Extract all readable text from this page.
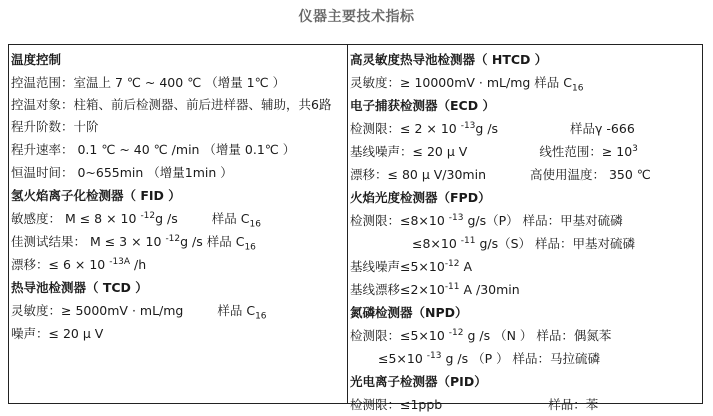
仪器主要技术指标
温度控制
控温范围：室温上 7 ℃ ~ 400 ℃ （增量 1℃ ）
控温对象：柱箱、前后检测器、前后进样器、辅助，共6路
程升阶数：十阶
程升速率： 0.1 ℃ ~ 40 ℃ /min （增量 0.1℃ ）
恒温时间： 0~655min （增量1min ）
氢火焰离子化检测器（ FID ）
敏感度： M ≤ 8 × 10 $^{-12}$g /s	样品 $C_{16}$
佳测试结果： M ≤ 3 × 10 $^{-12}$g /s 样品 $C_{16}$
漂移：≤ 6 × 10 $^{-13A}$ /h
热导池检测器（ TCD ）
灵敏度：≥ 5000mV · mL/mg	样品 $C_{16}$
噪声：≤ 20 μ V
高灵敏度热导池检测器（ HTCD ）
灵敏度：≥ 10000mV · mL/mg 样品 $C_{16}$
电子捕获检测器（ECD ）
检测限：≤ 2 × 10 $^{-13}$g /s	样品γ -666
基线噪声：≤ 20 μ V	线性范围：≥ $10^3$
漂移：≤ 80 μ V/30min	高使用温度： 350 ℃
火焰光度检测器（FPD）
检测限：≤8×10 $^{-13}$ g/s（P） 样品：甲基对硫磷
≤8×10 $^{-11}$ g/s（S） 样品：甲基对硫磷
基线噪声$\le 5\times 10^{-12}$ A
基线漂移$\le 2\times 10^{-11}$ A /30min
氮磷检测器（NPD）
检测限：≤5×10 $^{-12}$ g /s （N ） 样品：偶氮苯
≤5×10 $^{-13}$ g /s （P ） 样品：马拉硫磷
光电离子检测器（PID）
检测限：≤1ppb	样品：苯
